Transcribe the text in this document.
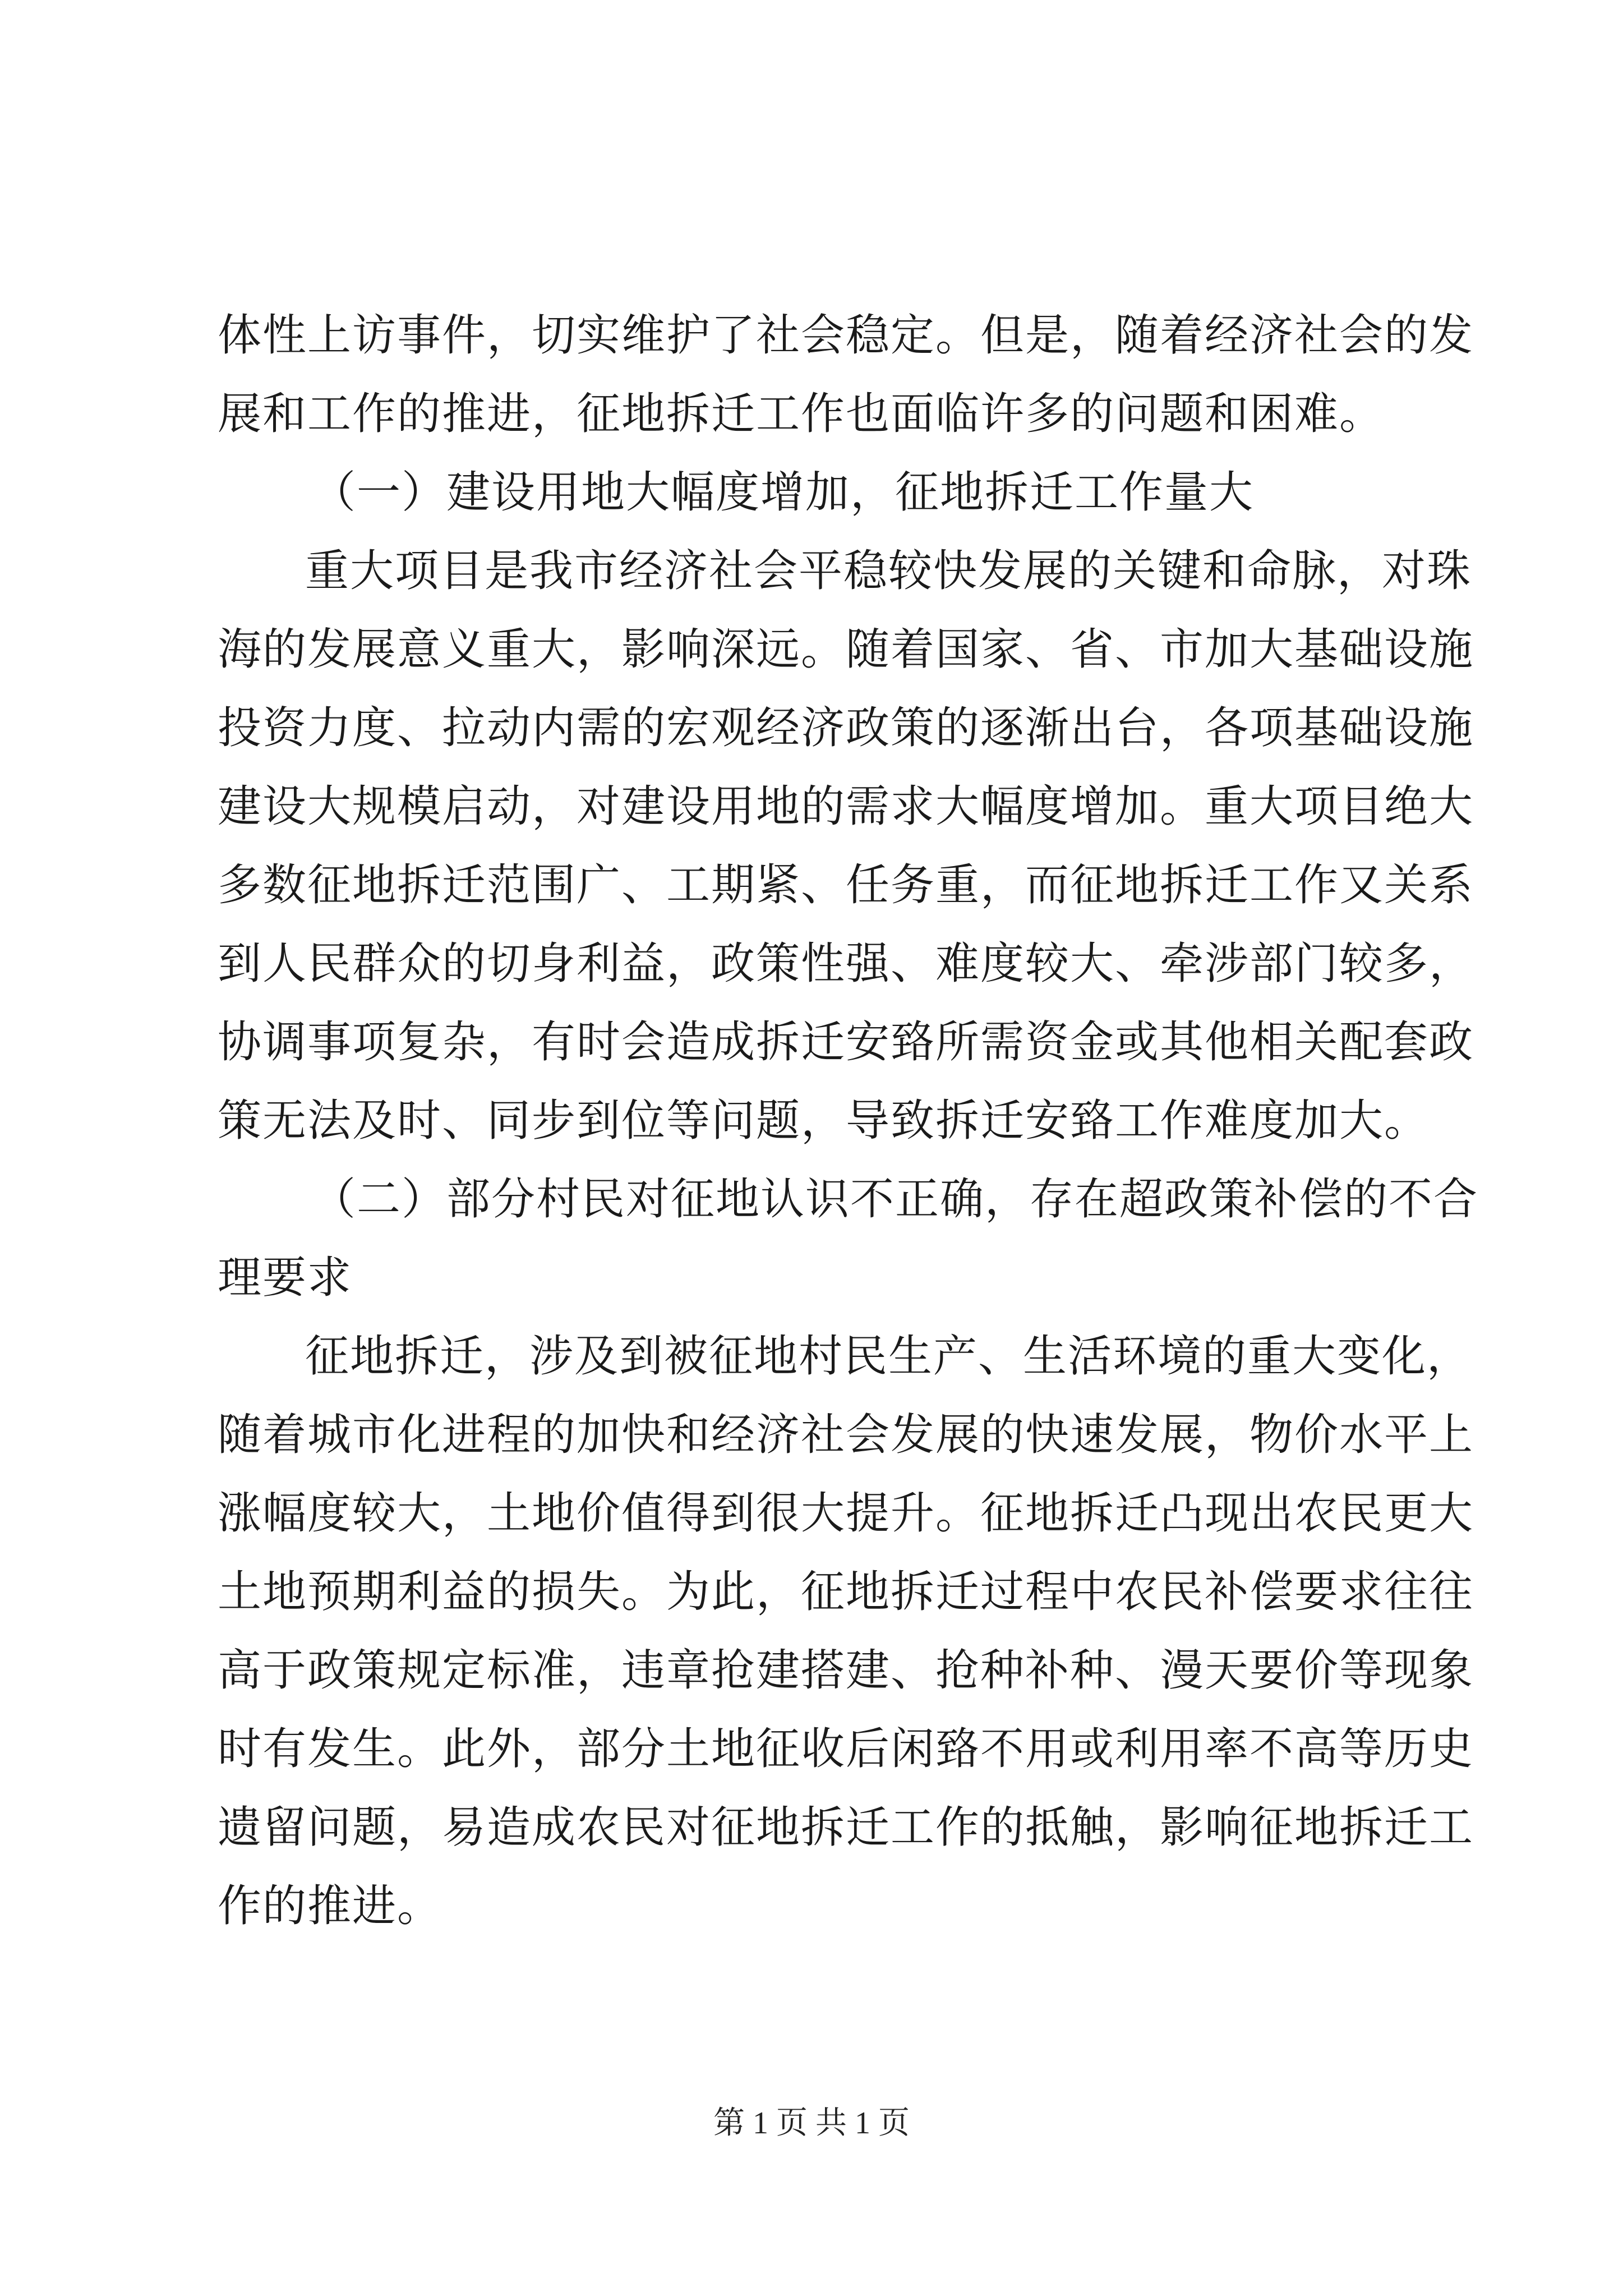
体性上访事件，切实维护了社会稳定。但是，随着经济社会的发
展和工作的推进，征地拆迁工作也面临许多的问题和困难。
（一）建设用地大幅度增加，征地拆迁工作量大
重大项目是我市经济社会平稳较快发展的关键和命脉，对珠
海的发展意义重大，影响深远。随着国家、省、市加大基础设施
投资力度、拉动内需的宏观经济政策的逐渐出台，各项基础设施
建设大规模启动，对建设用地的需求大幅度增加。重大项目绝大
多数征地拆迁范围广、工期紧、任务重，而征地拆迁工作又关系
到人民群众的切身利益，政策性强、难度较大、牵涉部门较多，
协调事项复杂，有时会造成拆迁安臵所需资金或其他相关配套政
策无法及时、同步到位等问题，导致拆迁安臵工作难度加大。
（二）部分村民对征地认识不正确，存在超政策补偿的不合
理要求
征地拆迁，涉及到被征地村民生产、生活环境的重大变化，
随着城市化进程的加快和经济社会发展的快速发展，物价水平上
涨幅度较大，土地价值得到很大提升。征地拆迁凸现出农民更大
土地预期利益的损失。为此，征地拆迁过程中农民补偿要求往往
高于政策规定标准，违章抢建搭建、抢种补种、漫天要价等现象
时有发生。此外，部分土地征收后闲臵不用或利用率不高等历史
遗留问题，易造成农民对征地拆迁工作的抵触，影响征地拆迁工
作的推进。
第 1 页 共 1 页
